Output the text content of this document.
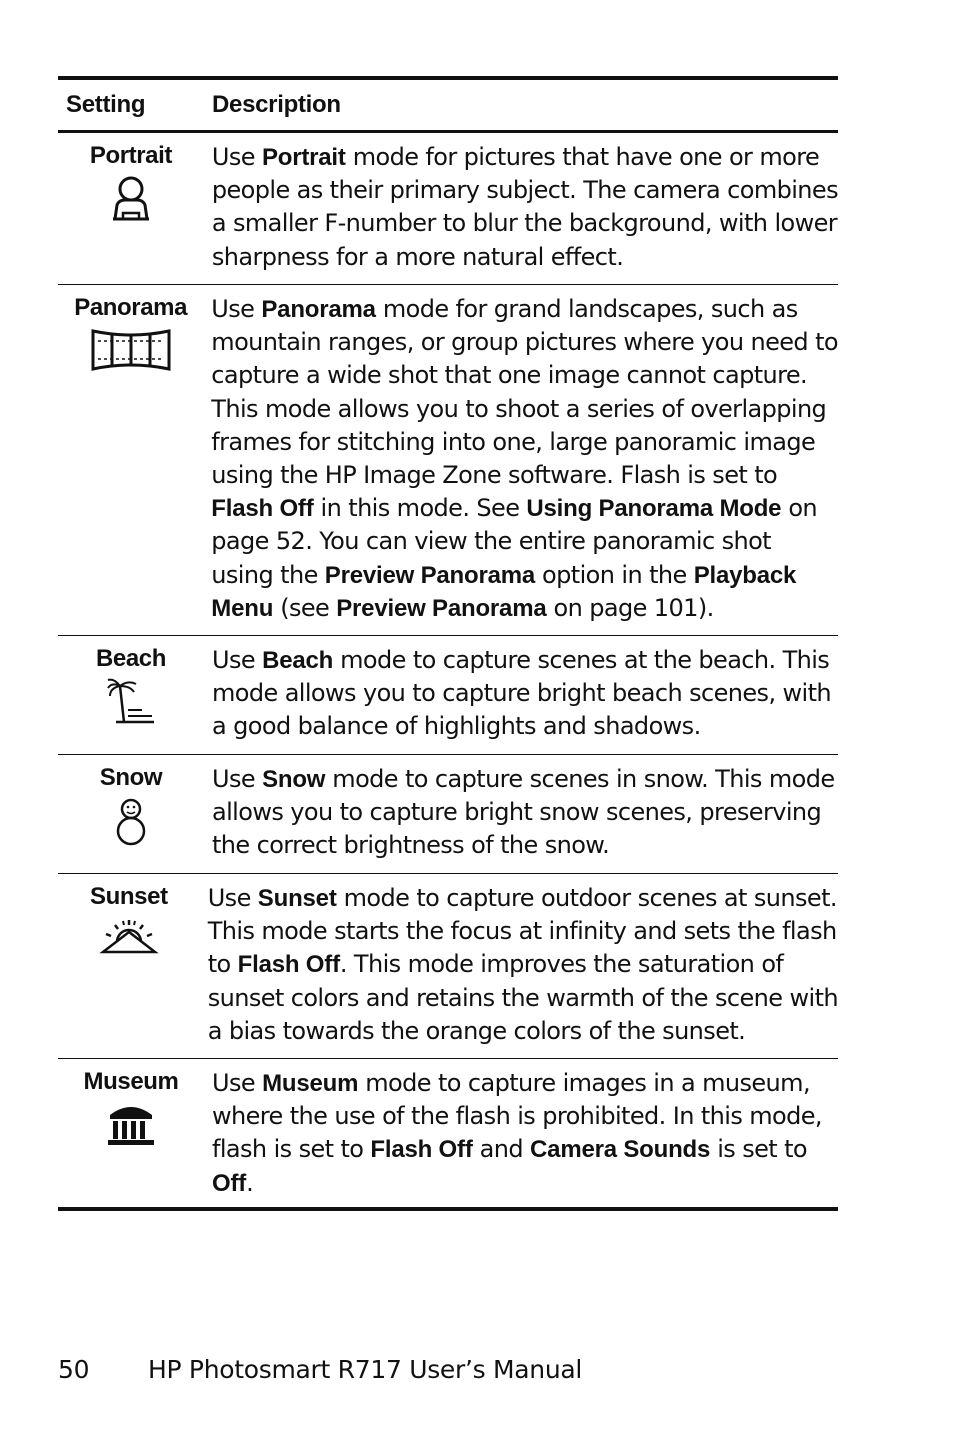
Setting	Description
Portrait Use Portrait mode for pictures that have one or more
people as their primary subject. The camera combines
a smaller F-number to blur the background, with lower
sharpness for a more natural effect.
Panorama Use Panorama mode for grand landscapes, such as
mountain ranges, or group pictures where you need to
capture a wide shot that one image cannot capture.
This mode allows you to shoot a series of overlapping
frames for stitching into one, large panoramic image
using the HP Image Zone software. Flash is set to
Flash Off in this mode. See Using Panorama Mode on
page 52. You can view the entire panoramic shot
using the Preview Panorama option in the Playback
Menu (see Preview Panorama on page 101).
Beach Use Beach mode to capture scenes at the beach. This
mode allows you to capture bright beach scenes, with
a good balance of highlights and shadows.
Snow Use Snow mode to capture scenes in snow. This mode
allows you to capture bright snow scenes, preserving
the correct brightness of the snow.
Sunset Use Sunset mode to capture outdoor scenes at sunset.
This mode starts the focus at infinity and sets the flash
to Flash Off. This mode improves the saturation of
sunset colors and retains the warmth of the scene with
a bias towards the orange colors of the sunset.
Museum Use Museum mode to capture images in a museum,
where the use of the flash is prohibited. In this mode,
flash is set to Flash Off and Camera Sounds is set to
Off.
50 HP Photosmart R717 User’s Manual
